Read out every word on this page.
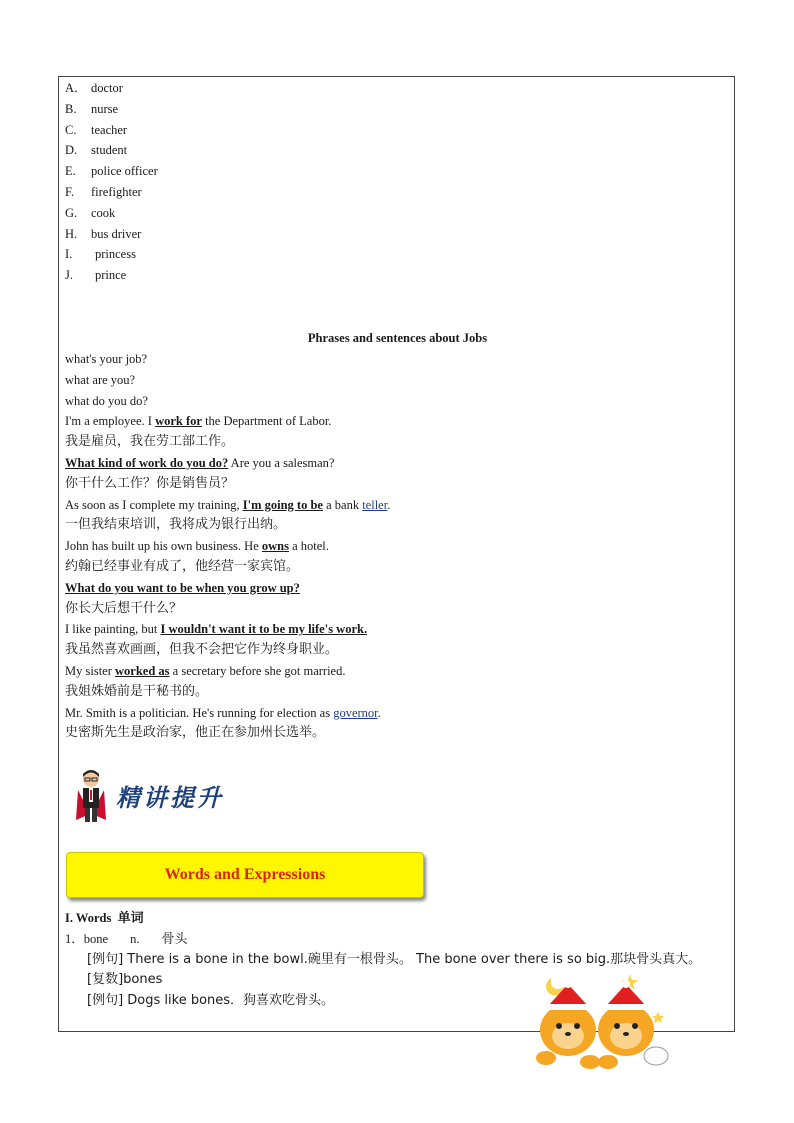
A． doctor
B. nurse
C. teacher
D. student
E. police officer
F. firefighter
G. cook
H. bus driver
I. princess
J. prince
Phrases and sentences about Jobs
what's your job?
what are you?
what do you do?
I'm a employee. I work for the Department of Labor.
我是雇员，我在劳工部工作。
What kind of work do you do? Are you a salesman?
你干什么工作？你是销售员？
As soon as I complete my training, I'm going to be a bank teller.
一但我结束培训，我将成为银行出纳。
John has built up his own business. He owns a hotel.
约翰已经事业有成了，他经营一家宾馆。
What do you want to be when you grow up?
你长大后想干什么？
I like painting, but I wouldn't want it to be my life's work.
我虽然喜欢画画，但我不会把它作为终身职业。
My sister worked as a secretary before she got married.
我姐姝婚前是干秘书的。
Mr. Smith is a politician. He's running for election as governor.
史密斯先生是政治家，他正在参加州长选举。
精讲提升
Words and Expressions
I. Words 单词
1．bone n. 骨头
[例句] There is a bone in the bowl.碗里有一根骨头。 The bone over there is so big.那块骨头真大。
[复数]bones
[例句] Dogs like bones．狗喜欢吃骨头。
